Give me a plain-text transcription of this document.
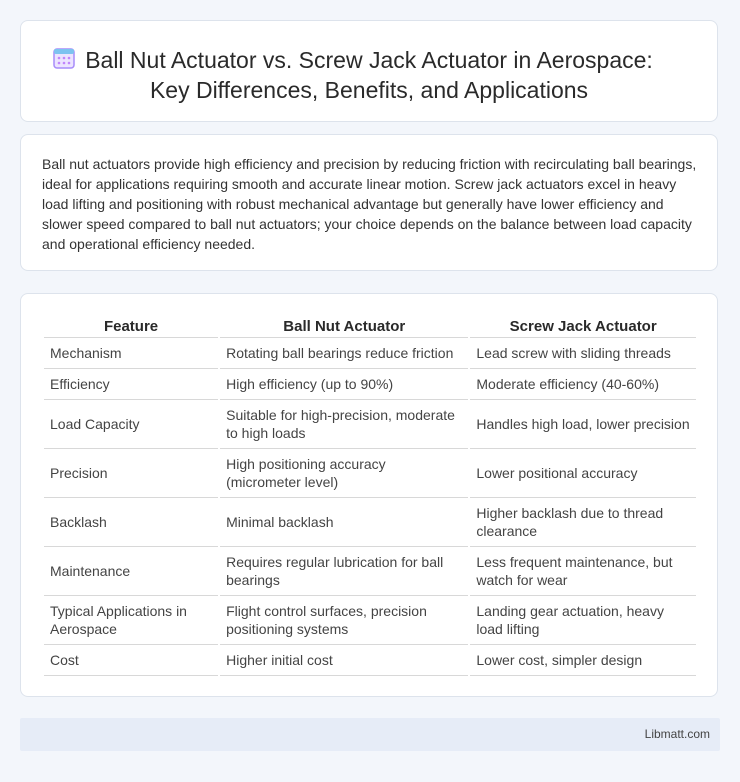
Ball Nut Actuator vs. Screw Jack Actuator in Aerospace:
Key Differences, Benefits, and Applications
Ball nut actuators provide high efficiency and precision by reducing friction with recirculating ball bearings, ideal for applications requiring smooth and accurate linear motion. Screw jack actuators excel in heavy load lifting and positioning with robust mechanical advantage but generally have lower efficiency and slower speed compared to ball nut actuators; your choice depends on the balance between load capacity and operational efficiency needed.
Feature	Ball Nut Actuator	Screw Jack Actuator
Mechanism	Rotating ball bearings reduce friction	Lead screw with sliding threads
Efficiency	High efficiency (up to 90%)	Moderate efficiency (40-60%)
Load Capacity	Suitable for high-precision, moderate to high loads	Handles high load, lower precision
Precision	High positioning accuracy (micrometer level)	Lower positional accuracy
Backlash	Minimal backlash	Higher backlash due to thread clearance
Maintenance	Requires regular lubrication for ball bearings	Less frequent maintenance, but watch for wear
Typical Applications in Aerospace	Flight control surfaces, precision positioning systems	Landing gear actuation, heavy load lifting
Cost	Higher initial cost	Lower cost, simpler design
Libmatt.com
